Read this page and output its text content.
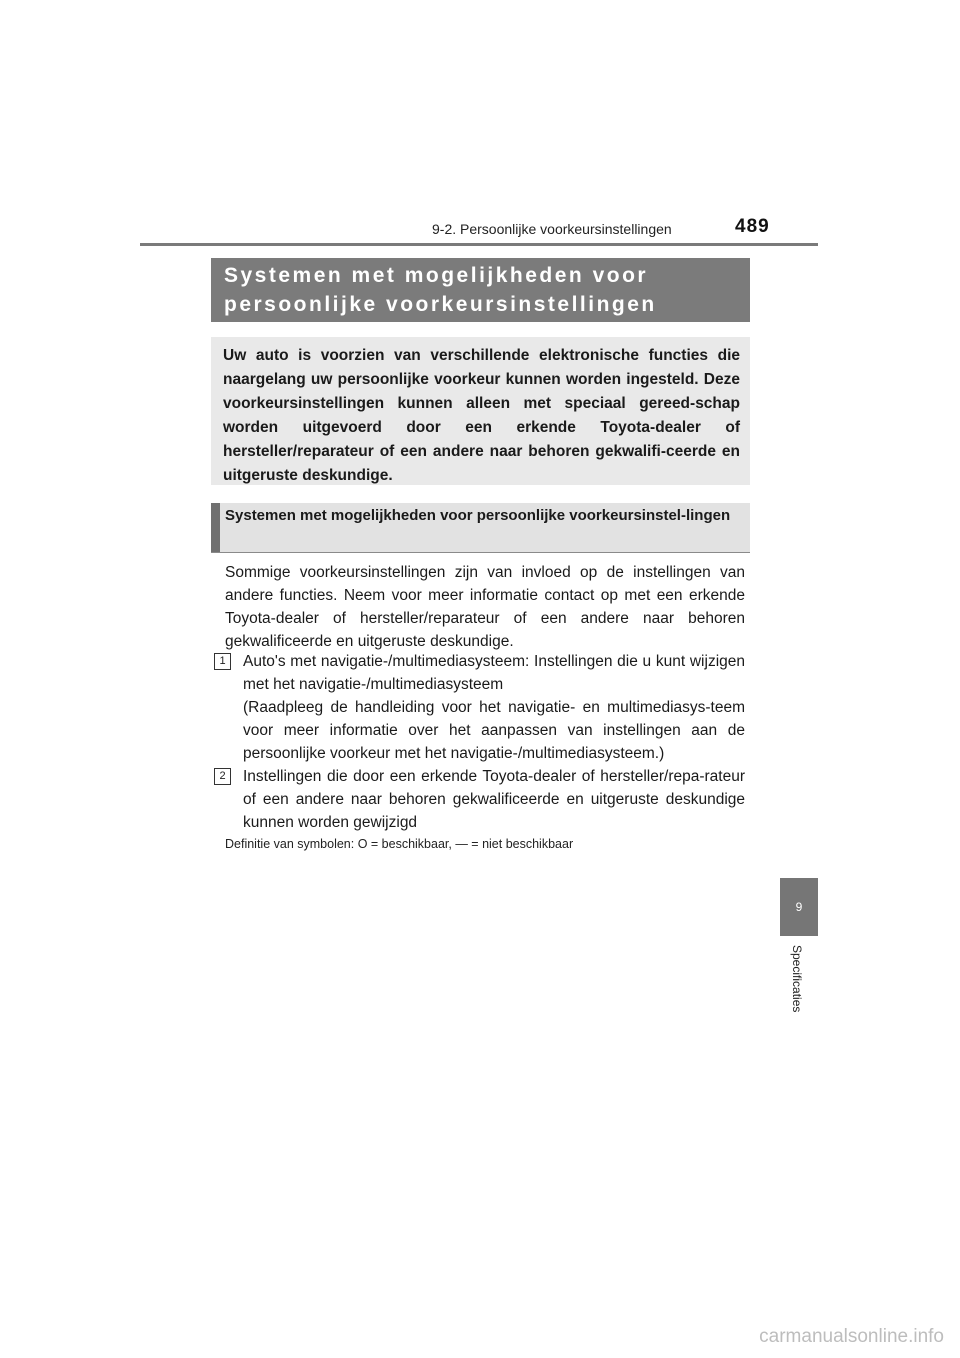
9-2. Persoonlijke voorkeursinstellingen	489
Systemen met mogelijkheden voor
persoonlijke voorkeursinstellingen

Uw auto is voorzien van verschillende elektronische functies die naargelang uw persoonlijke voorkeur kunnen worden ingesteld. Deze voorkeursinstellingen kunnen alleen met speciaal gereed-schap worden uitgevoerd door een erkende Toyota-dealer of hersteller/reparateur of een andere naar behoren gekwalifi-ceerde en uitgeruste deskundige.

Systemen met mogelijkheden voor persoonlijke voorkeursinstel-lingen

Sommige voorkeursinstellingen zijn van invloed op de instellingen van andere functies. Neem voor meer informatie contact op met een erkende Toyota-dealer of hersteller/reparateur of een andere naar behoren gekwalificeerde en uitgeruste deskundige.

1	Auto's met navigatie-/multimediasysteem: Instellingen die u kunt wijzigen met het navigatie-/multimediasysteem

(Raadpleeg de handleiding voor het navigatie- en multimediasys-teem voor meer informatie over het aanpassen van instellingen aan de persoonlijke voorkeur met het navigatie-/multimediasysteem.)

2	Instellingen die door een erkende Toyota-dealer of hersteller/repa-rateur of een andere naar behoren gekwalificeerde en uitgeruste deskundige kunnen worden gewijzigd

Definitie van symbolen: O = beschikbaar, — = niet beschikbaar

9
Specificaties
carmanualsonline.info
